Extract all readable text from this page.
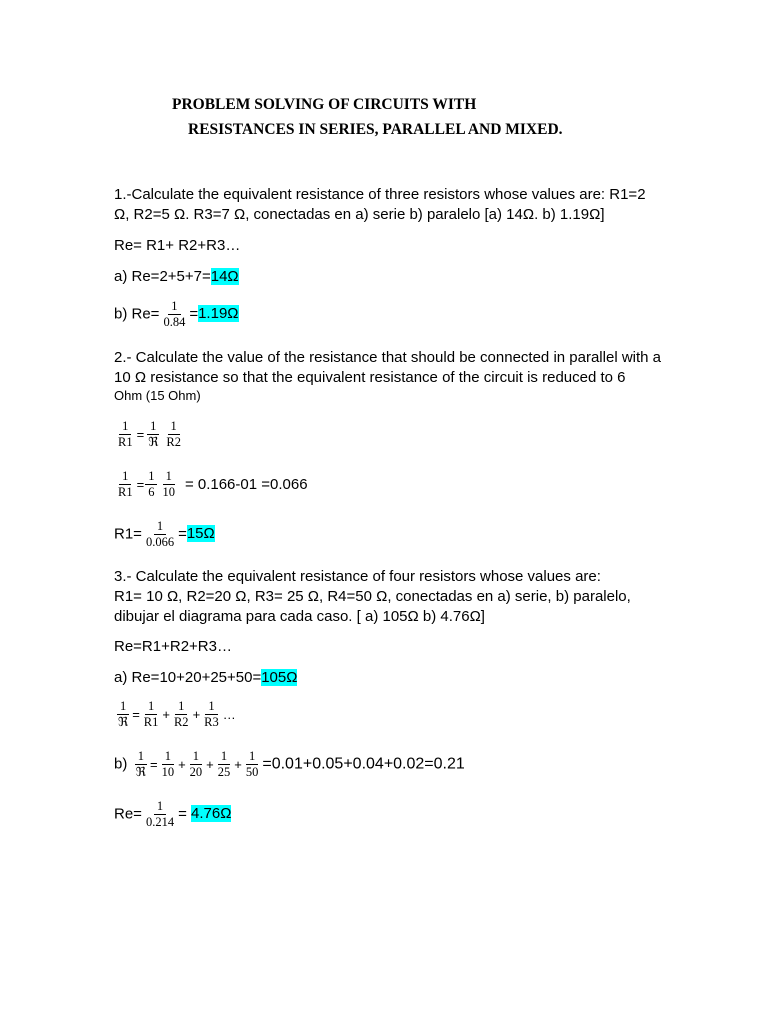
PROBLEM SOLVING OF CIRCUITS WITH
RESISTANCES IN SERIES, PARALLEL AND MIXED.
1.-Calculate the equivalent resistance of three resistors whose values are: R1=2
Ω, R2=5 Ω. R3=7 Ω, conectadas en a) serie b) paralelo [a) 14Ω. b) 1.19Ω]
Re= R1+ R2+R3…
a) Re=2+5+7=14Ω
b) $Re= \frac{1}{0.84} =1.19\Omega$
2.- Calculate the value of the resistance that should be connected in parallel with a
10 Ω resistance so that the equivalent resistance of the circuit is reduced to 6
Ohm (15 Ohm)
$\frac{1}{R1} = \frac{1}{\text{ℜ}} \frac{1}{R2}$
$\frac{1}{R1} = \frac{1}{6} \frac{1}{10} = 0.166-01 =0.066$
$R1= \frac{1}{0.066} =15\Omega$
3.- Calculate the equivalent resistance of four resistors whose values are:
R1= 10 Ω, R2=20 Ω, R3= 25 Ω, R4=50 Ω, conectadas en a) serie, b) paralelo,
dibujar el diagrama para cada caso. [ a) 105Ω b) 4.76Ω]
Re=R1+R2+R3…
a) Re=10+20+25+50=105Ω
$\frac{1}{\text{ℜ}} = \frac{1}{R1} + \frac{1}{R2} + \frac{1}{R3}$ …
$b) \frac{1}{\text{ℜ}} = \frac{1}{10} + \frac{1}{20} + \frac{1}{25} + \frac{1}{50} =0.01+0.05+0.04+0.02=0.21$
$Re= \frac{1}{0.214} = 4.76\Omega$
